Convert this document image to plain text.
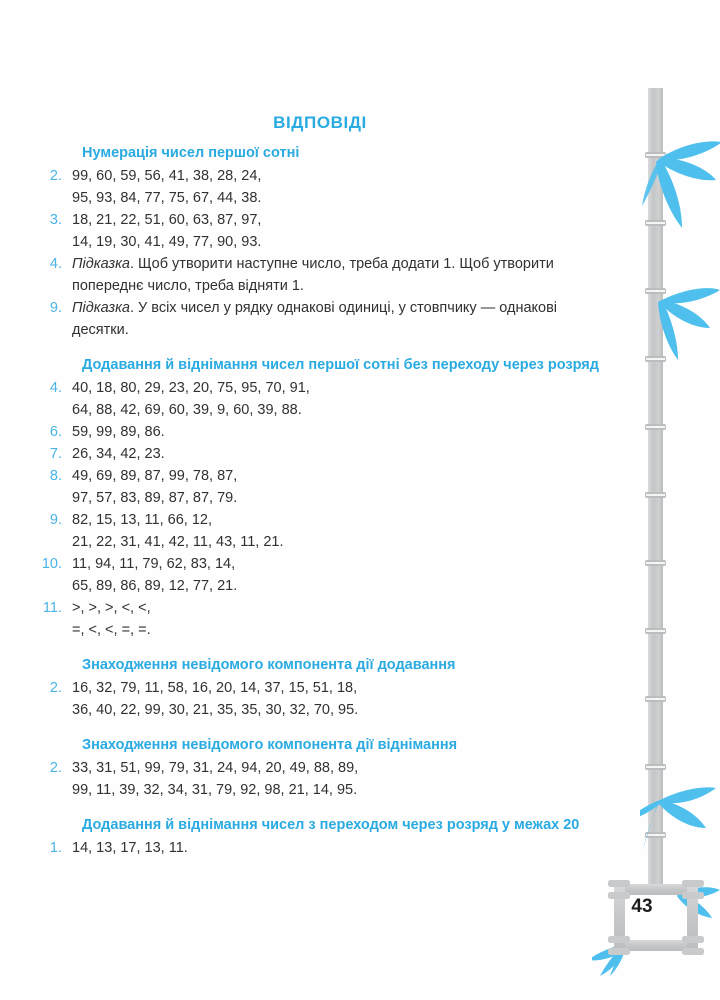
ВІДПОВІДІ
Нумерація чисел першої сотні
2. 99, 60, 59, 56, 41, 38, 28, 24,
95, 93, 84, 77, 75, 67, 44, 38.
3. 18, 21, 22, 51, 60, 63, 87, 97,
14, 19, 30, 41, 49, 77, 90, 93.
4. Підказка. Щоб утворити наступне число, треба додати 1. Щоб утворити попереднє число, треба відняти 1.
9. Підказка. У всіх чисел у рядку однакові одиниці, у стовпчику — однакові десятки.
Додавання й віднімання чисел першої сотні без переходу через розряд
4. 40, 18, 80, 29, 23, 20, 75, 95, 70, 91,
64, 88, 42, 69, 60, 39, 9, 60, 39, 88.
6. 59, 99, 89, 86.
7. 26, 34, 42, 23.
8. 49, 69, 89, 87, 99, 78, 87,
97, 57, 83, 89, 87, 87, 79.
9. 82, 15, 13, 11, 66, 12,
21, 22, 31, 41, 42, 11, 43, 11, 21.
10. 11, 94, 11, 79, 62, 83, 14,
65, 89, 86, 89, 12, 77, 21.
11. >, >, >, <, <,
=, <, <, =, =.
Знаходження невідомого компонента дії додавання
2. 16, 32, 79, 11, 58, 16, 20, 14, 37, 15, 51, 18,
36, 40, 22, 99, 30, 21, 35, 35, 30, 32, 70, 95.
Знаходження невідомого компонента дії віднімання
2. 33, 31, 51, 99, 79, 31, 24, 94, 20, 49, 88, 89,
99, 11, 39, 32, 34, 31, 79, 92, 98, 21, 14, 95.
Додавання й віднімання чисел з переходом через розряд у межах 20
1. 14, 13, 17, 13, 11.
43
